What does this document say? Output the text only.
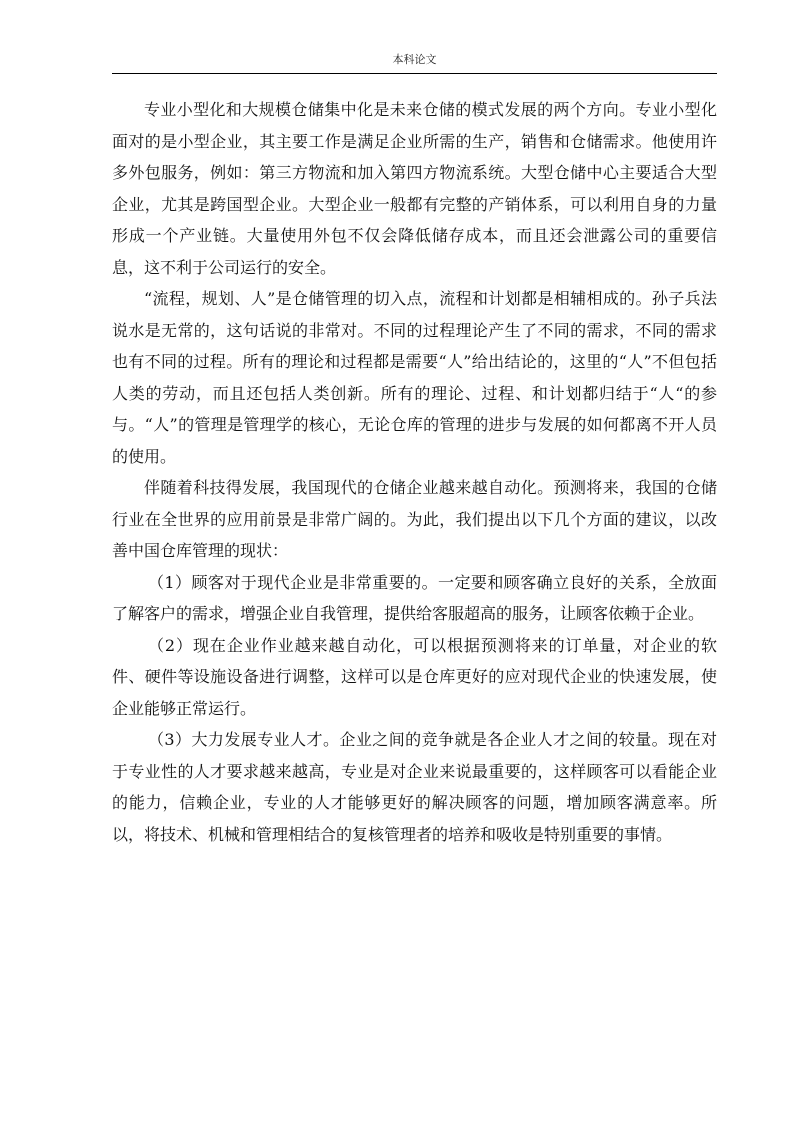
本科论文

专业小型化和大规模仓储集中化是未来仓储的模式发展的两个方向。专业小型化面对的是小型企业，其主要工作是满足企业所需的生产，销售和仓储需求。他使用许多外包服务，例如：第三方物流和加入第四方物流系统。大型仓储中心主要适合大型企业，尤其是跨国型企业。大型企业一般都有完整的产销体系，可以利用自身的力量形成一个产业链。大量使用外包不仅会降低储存成本，而且还会泄露公司的重要信息，这不利于公司运行的安全。

“流程，规划、人”是仓储管理的切入点，流程和计划都是相辅相成的。孙子兵法说水是无常的，这句话说的非常对。不同的过程理论产生了不同的需求，不同的需求也有不同的过程。所有的理论和过程都是需要“人”给出结论的，这里的“人”不但包括人类的劳动，而且还包括人类创新。所有的理论、过程、和计划都归结于“人“的参与。“人”的管理是管理学的核心，无论仓库的管理的进步与发展的如何都离不开人员的使用。

伴随着科技得发展，我国现代的仓储企业越来越自动化。预测将来，我国的仓储行业在全世界的应用前景是非常广阔的。为此，我们提出以下几个方面的建议，以改善中国仓库管理的现状：

（1）顾客对于现代企业是非常重要的。一定要和顾客确立良好的关系，全放面了解客户的需求，增强企业自我管理，提供给客服超高的服务，让顾客依赖于企业。

（2）现在企业作业越来越自动化，可以根据预测将来的订单量，对企业的软件、硬件等设施设备进行调整，这样可以是仓库更好的应对现代企业的快速发展，使企业能够正常运行。

（3）大力发展专业人才。企业之间的竞争就是各企业人才之间的较量。现在对于专业性的人才要求越来越高，专业是对企业来说最重要的，这样顾客可以看能企业的能力，信赖企业，专业的人才能够更好的解决顾客的问题，增加顾客满意率。所以，将技术、机械和管理相结合的复核管理者的培养和吸收是特别重要的事情。
